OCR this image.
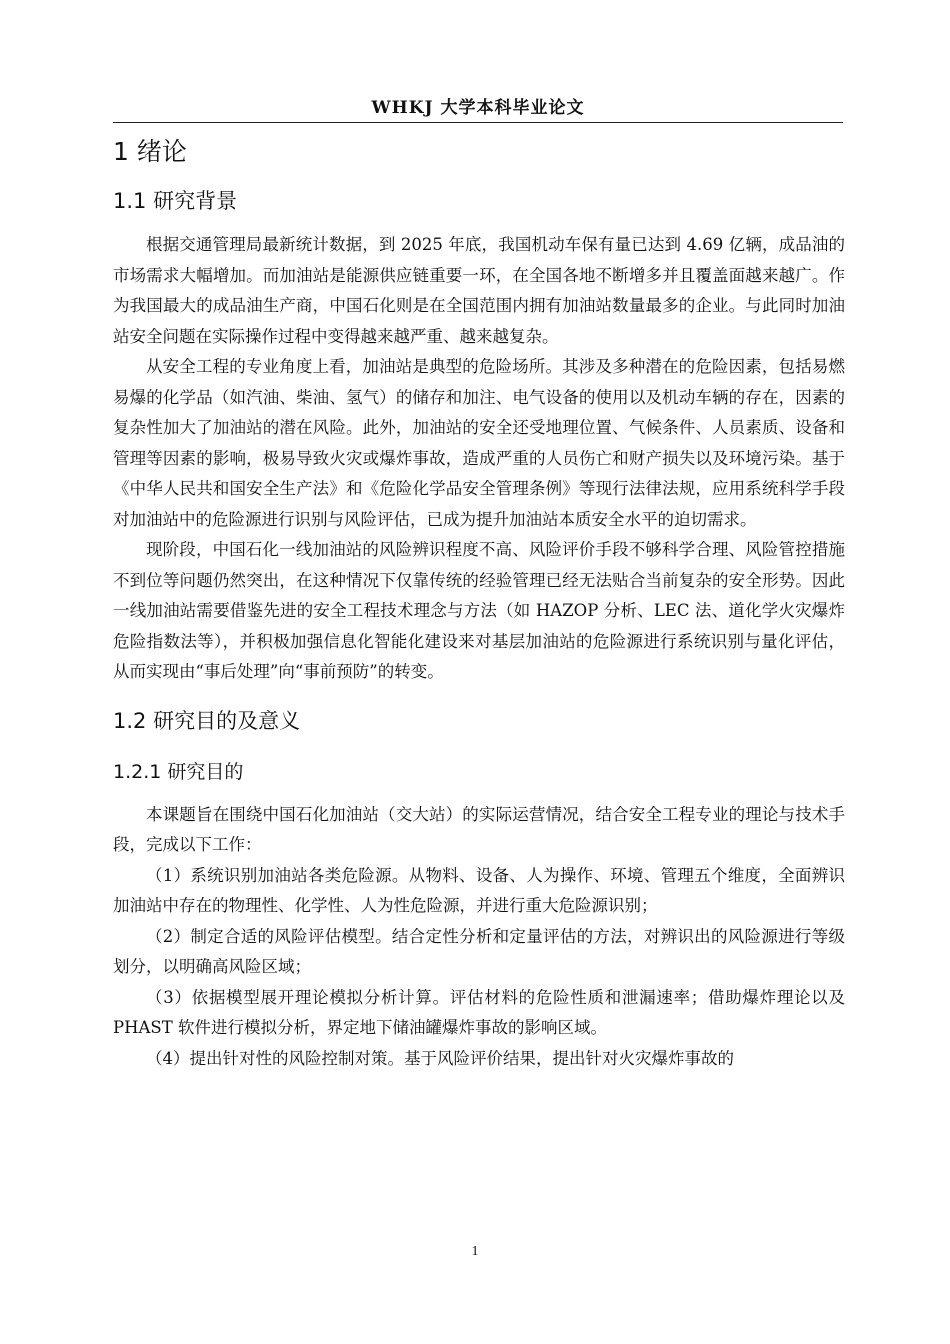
WHKJ 大学本科毕业论文
1 绪论
1.1 研究背景

根据交通管理局最新统计数据，到 2025 年底，我国机动车保有量已达到 4.69 亿辆，成品油的市场需求大幅增加。而加油站是能源供应链重要一环，在全国各地不断增多并且覆盖面越来越广。作为我国最大的成品油生产商，中国石化则是在全国范围内拥有加油站数量最多的企业。与此同时加油站安全问题在实际操作过程中变得越来越严重、越来越复杂。

从安全工程的专业角度上看，加油站是典型的危险场所。其涉及多种潜在的危险因素，包括易燃易爆的化学品（如汽油、柴油、氢气）的储存和加注、电气设备的使用以及机动车辆的存在，因素的复杂性加大了加油站的潜在风险。此外，加油站的安全还受地理位置、气候条件、人员素质、设备和管理等因素的影响，极易导致火灾或爆炸事故，造成严重的人员伤亡和财产损失以及环境污染。基于《中华人民共和国安全生产法》和《危险化学品安全管理条例》等现行法律法规，应用系统科学手段对加油站中的危险源进行识别与风险评估，已成为提升加油站本质安全水平的迫切需求。

现阶段，中国石化一线加油站的风险辨识程度不高、风险评价手段不够科学合理、风险管控措施不到位等问题仍然突出，在这种情况下仅靠传统的经验管理已经无法贴合当前复杂的安全形势。因此一线加油站需要借鉴先进的安全工程技术理念与方法（如 HAZOP 分析、LEC 法、道化学火灾爆炸危险指数法等），并积极加强信息化智能化建设来对基层加油站的危险源进行系统识别与量化评估，从而实现由“事后处理”向“事前预防”的转变。

1.2 研究目的及意义
1.2.1 研究目的

本课题旨在围绕中国石化加油站（交大站）的实际运营情况，结合安全工程专业的理论与技术手段，完成以下工作：

（1）系统识别加油站各类危险源。从物料、设备、人为操作、环境、管理五个维度，全面辨识加油站中存在的物理性、化学性、人为性危险源，并进行重大危险源识别；

（2）制定合适的风险评估模型。结合定性分析和定量评估的方法，对辨识出的风险源进行等级划分，以明确高风险区域；

（3）依据模型展开理论模拟分析计算。评估材料的危险性质和泄漏速率；借助爆炸理论以及 PHAST 软件进行模拟分析，界定地下储油罐爆炸事故的影响区域。

（4）提出针对性的风险控制对策。基于风险评价结果，提出针对火灾爆炸事故的

1
